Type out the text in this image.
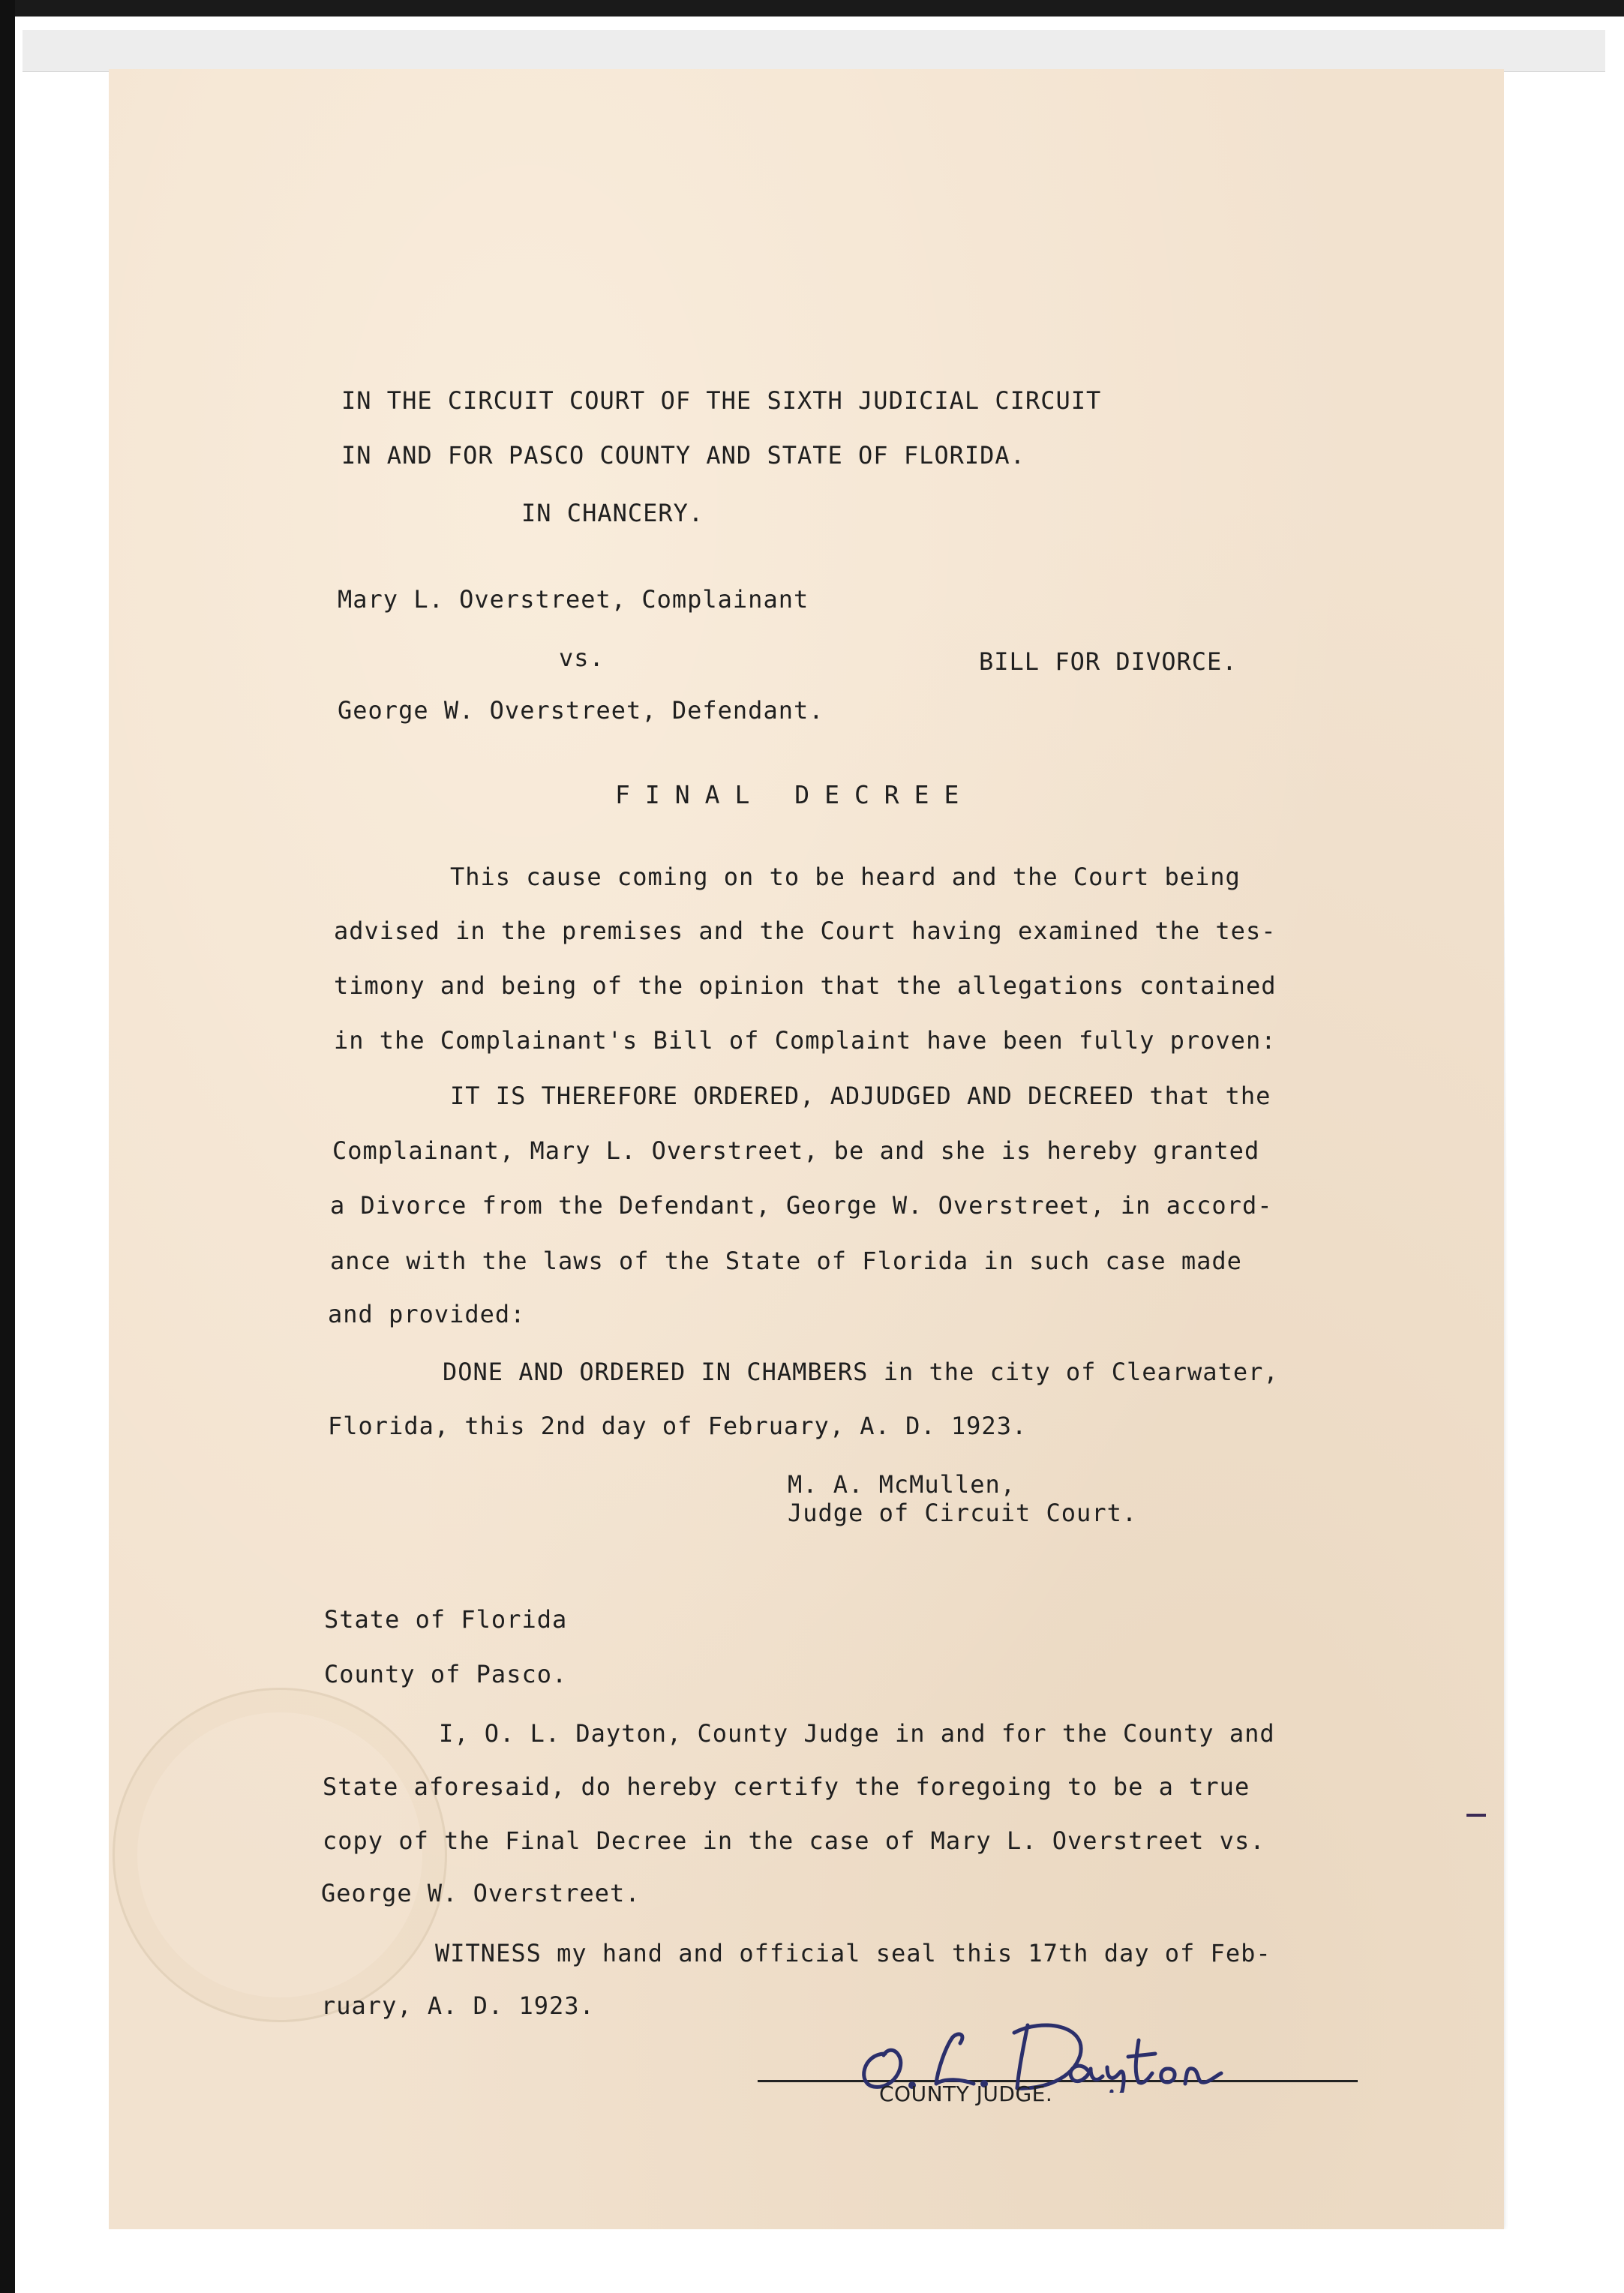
IN THE CIRCUIT COURT OF THE SIXTH JUDICIAL CIRCUIT
IN AND FOR PASCO COUNTY AND STATE OF FLORIDA.
IN CHANCERY.
Mary L. Overstreet, Complainant
vs.	BILL FOR DIVORCE.
George W. Overstreet, Defendant.
FINAL DECREE
This cause coming on to be heard and the Court being
advised in the premises and the Court having examined the tes-
timony and being of the opinion that the allegations contained
in the Complainant's Bill of Complaint have been fully proven:
IT IS THEREFORE ORDERED, ADJUDGED AND DECREED that the
Complainant, Mary L. Overstreet, be and she is hereby granted
a Divorce from the Defendant, George W. Overstreet, in accord-
ance with the laws of the State of Florida in such case made
and provided:
DONE AND ORDERED IN CHAMBERS in the city of Clearwater,
Florida, this 2nd day of February, A. D. 1923.
M. A. McMullen,
Judge of Circuit Court.
State of Florida
County of Pasco.
I, O. L. Dayton, County Judge in and for the County and
State aforesaid, do hereby certify the foregoing to be a true
copy of the Final Decree in the case of Mary L. Overstreet vs.
George W. Overstreet.
WITNESS my hand and official seal this 17th day of Feb-
ruary, A. D. 1923.
COUNTY JUDGE.
